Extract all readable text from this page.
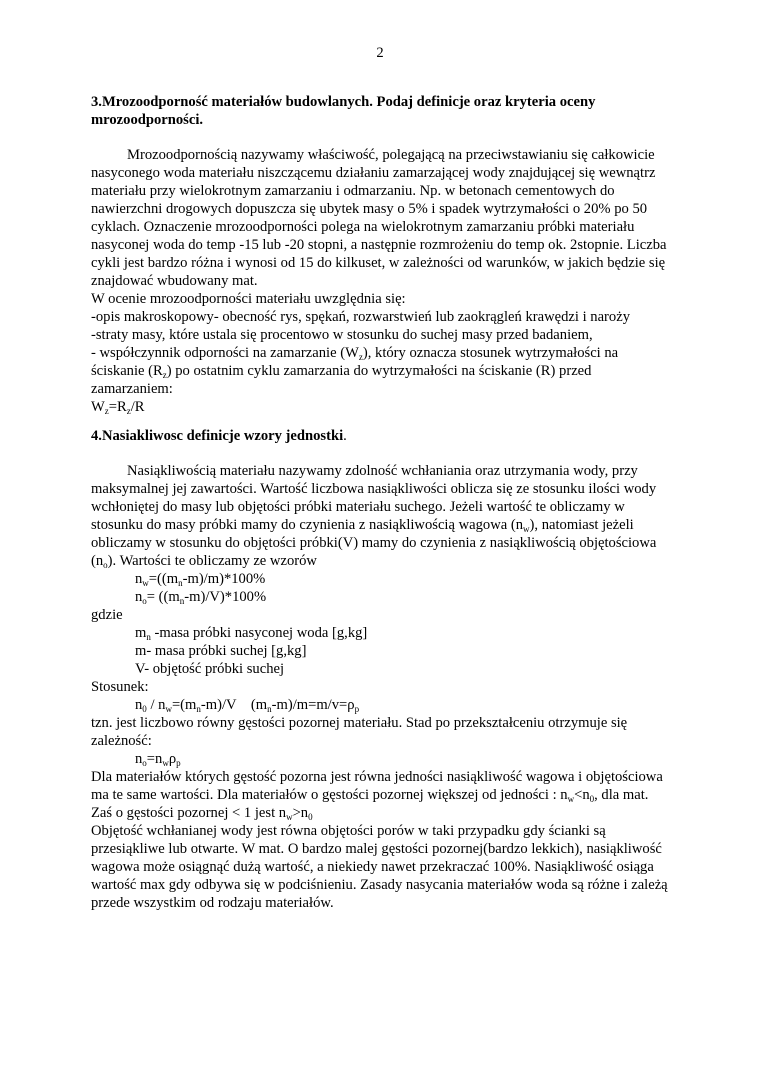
2

3.Mrozoodporność materiałów budowlanych. Podaj definicje oraz kryteria oceny mrozoodporności.

Mrozoodpornością nazywamy właściwość, polegającą na przeciwstawianiu się całkowicie nasyconego woda materiału niszczącemu działaniu zamarzającej wody znajdującej się wewnątrz materiału przy wielokrotnym zamarzaniu i odmarzaniu. Np. w betonach cementowych do nawierzchni drogowych dopuszcza się ubytek masy o 5% i spadek wytrzymałości o 20% po 50 cyklach. Oznaczenie mrozoodporności polega na wielokrotnym zamarzaniu próbki materiału nasyconej woda do temp -15 lub -20 stopni, a następnie rozmrożeniu do temp ok. 2stopnie. Liczba cykli jest bardzo różna i wynosi od 15 do kilkuset, w zależności od warunków, w jakich będzie się znajdować wbudowany mat.

W ocenie mrozoodporności materiału uwzględnia się:

-opis makroskopowy- obecność rys, spękań, rozwarstwień lub zaokrągleń krawędzi i naroży

-straty masy, które ustala się procentowo w stosunku do suchej masy przed badaniem,

- współczynnik odporności na zamarzanie $(W_z)$, który oznacza stosunek wytrzymałości na ściskanie $(R_z)$ po ostatnim cyklu zamarzania do wytrzymałości na ściskanie (R) przed zamarzaniem:

$W_z=R_z/R$

4.Nasiakliwosc definicje wzory jednostki.

Nasiąkliwością materiału nazywamy zdolność wchłaniania oraz utrzymania wody, przy maksymalnej jej zawartości. Wartość liczbowa nasiąkliwości oblicza się ze stosunku ilości wody wchłoniętej do masy lub objętości próbki materiału suchego. Jeżeli wartość te obliczamy w stosunku do masy próbki mamy do czynienia z nasiąkliwością wagowa $(n_w)$, natomiast jeżeli obliczamy w stosunku do objętości próbki(V) mamy do czynienia z nasiąkliwością objętościowa $(n_o)$. Wartości te obliczamy ze wzorów

$n_w=((m_n-m)/m)*100\%$

$n_o= ((m_n-m)/V)*100\%$

gdzie

$m_n$ -masa próbki nasyconej woda [g,kg]

m- masa próbki suchej [g,kg]

V- objętość próbki suchej

Stosunek:

$n_0 / n_w=(m_n-m)/V$    $(m_n-m)/m=m/v=\rho_p$

tzn. jest liczbowo równy gęstości pozornej materiału. Stad po przekształceniu otrzymuje się zależność:

$n_o=n_w\rho_p$

Dla materiałów których gęstość pozorna jest równa jedności nasiąkliwość wagowa i objętościowa ma te same wartości. Dla materiałów o gęstości pozornej większej od jedności : $n_w<n_0$, dla mat. Zaś o gęstości pozornej < 1 jest $n_w>n_0$

Objętość wchłanianej wody jest równa objętości porów w taki przypadku gdy ścianki są przesiąkliwe lub otwarte. W mat. O bardzo malej gęstości pozornej(bardzo lekkich), nasiąkliwość wagowa może osiągnąć dużą wartość, a niekiedy nawet przekraczać 100%. Nasiąkliwość osiąga wartość max gdy odbywa się w podciśnieniu. Zasady nasycania materiałów woda są różne i zależą przede wszystkim od rodzaju materiałów.
